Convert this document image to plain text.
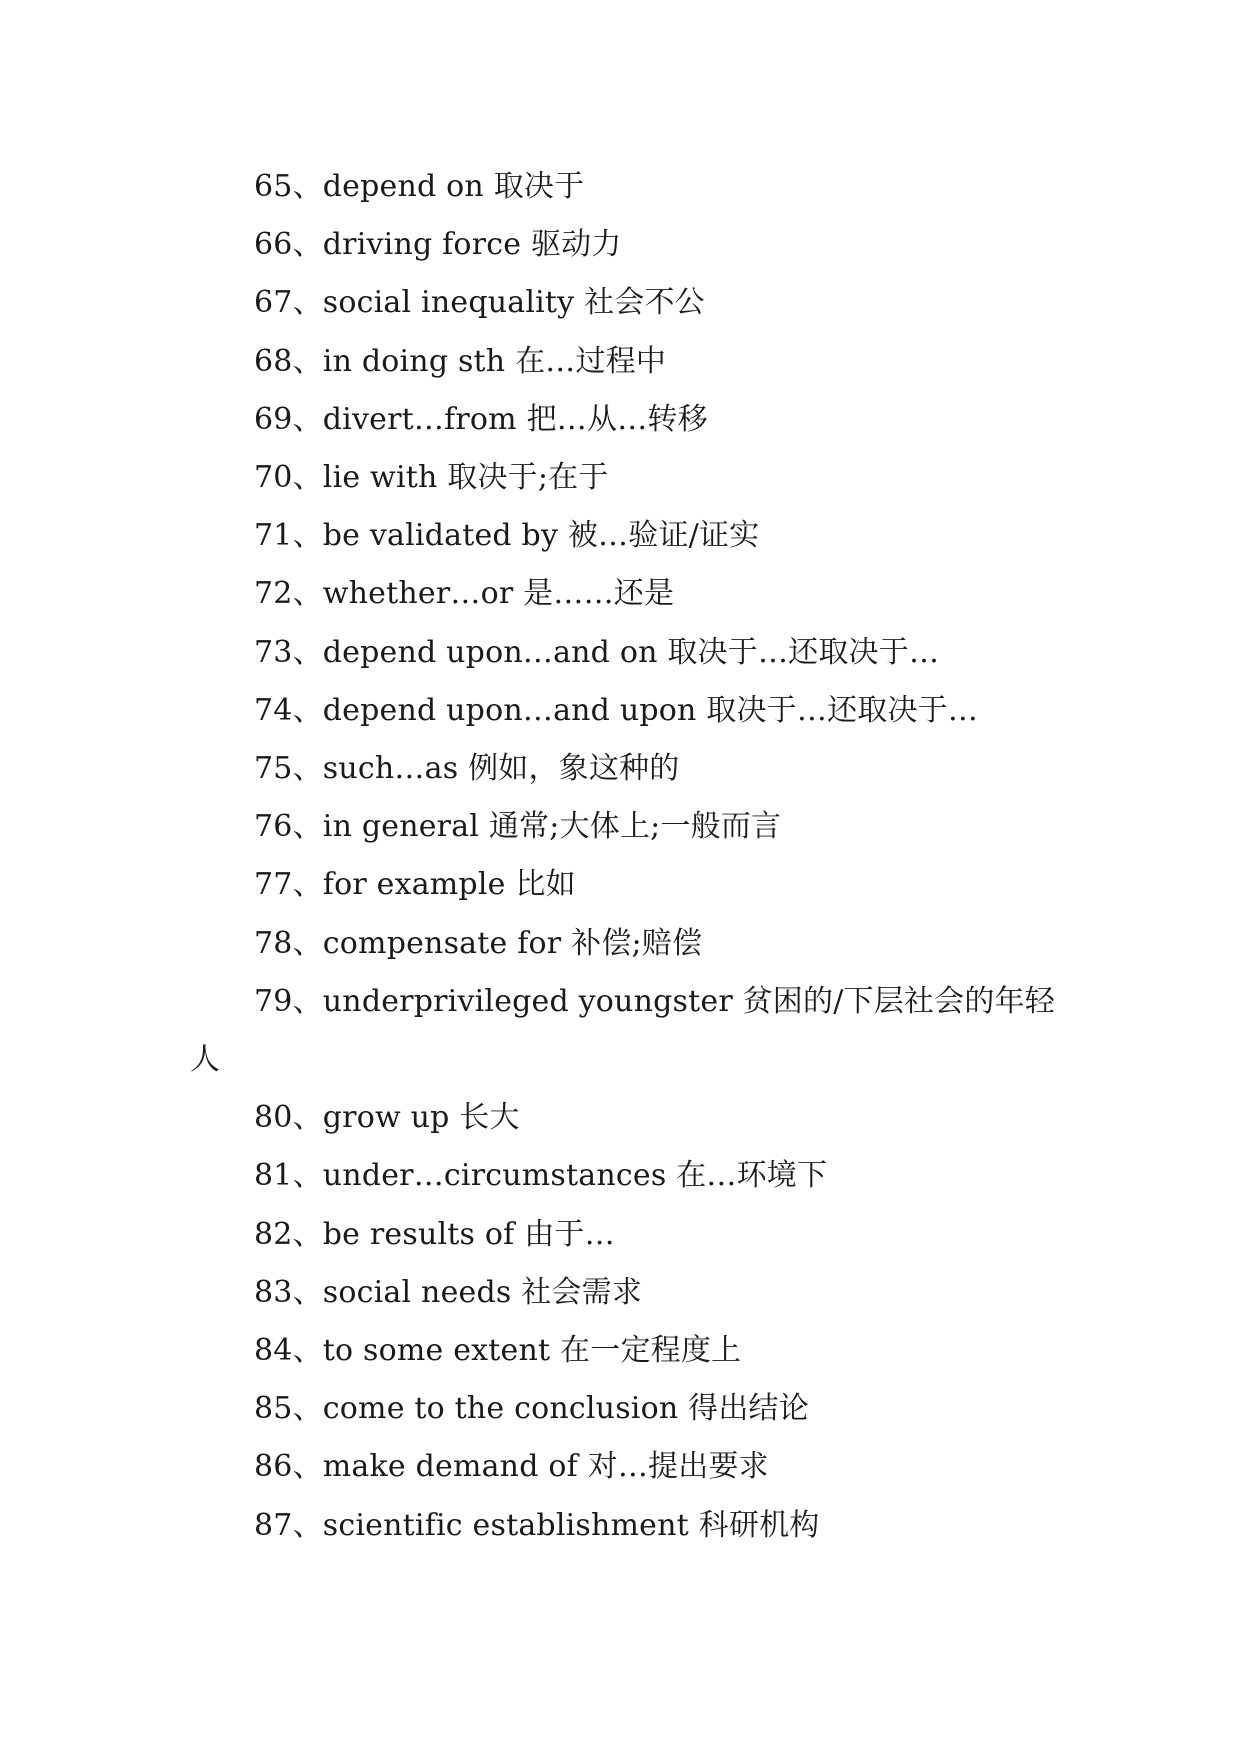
65、depend on 取决于
66、driving force 驱动力
67、social inequality 社会不公
68、in doing sth 在…过程中
69、divert…from 把…从…转移
70、lie with 取决于;在于
71、be validated by 被…验证/证实
72、whether…or 是……还是
73、depend upon…and on 取决于…还取决于…
74、depend upon…and upon 取决于…还取决于…
75、such…as 例如，象这种的
76、in general 通常;大体上;一般而言
77、for example 比如
78、compensate for 补偿;赔偿
79、underprivileged youngster 贫困的/下层社会的年轻人
80、grow up 长大
81、under…circumstances 在…环境下
82、be results of 由于…
83、social needs 社会需求
84、to some extent 在一定程度上
85、come to the conclusion 得出结论
86、make demand of 对…提出要求
87、scientific establishment 科研机构
